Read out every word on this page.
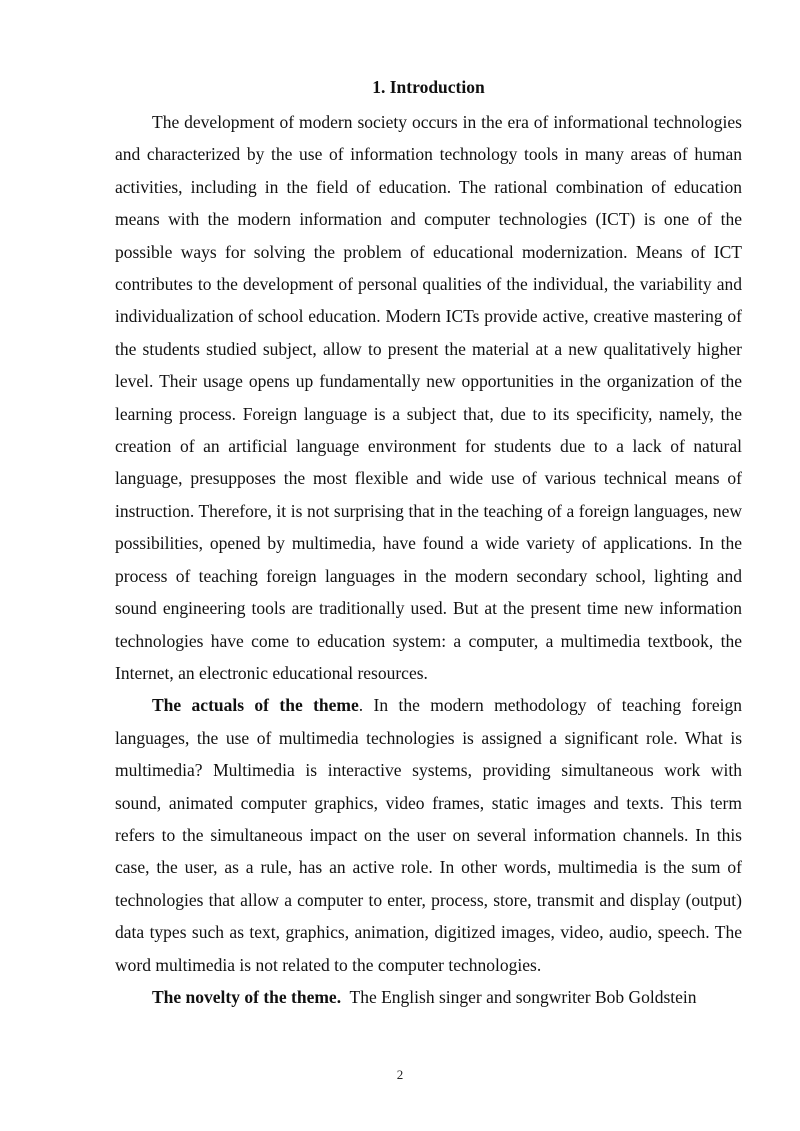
1. Introduction

The development of modern society occurs in the era of informational technologies and characterized by the use of information technology tools in many areas of human activities, including in the field of education. The rational combination of education means with the modern information and computer technologies (ICT) is one of the possible ways for solving the problem of educational modernization. Means of ICT contributes to the development of personal qualities of the individual, the variability and individualization of school education. Modern ICTs provide active, creative mastering of the students studied subject, allow to present the material at a new qualitatively higher level. Their usage opens up fundamentally new opportunities in the organization of the learning process. Foreign language is a subject that, due to its specificity, namely, the creation of an artificial language environment for students due to a lack of natural language, presupposes the most flexible and wide use of various technical means of instruction. Therefore, it is not surprising that in the teaching of a foreign languages, new possibilities, opened by multimedia, have found a wide variety of applications. In the process of teaching foreign languages in the modern secondary school, lighting and sound engineering tools are traditionally used. But at the present time new information technologies have come to education system: a computer, a multimedia textbook, the Internet, an electronic educational resources.

The actuals of the theme. In the modern methodology of teaching foreign languages, the use of multimedia technologies is assigned a significant role. What is multimedia? Multimedia is interactive systems, providing simultaneous work with sound, animated computer graphics, video frames, static images and texts. This term refers to the simultaneous impact on the user on several information channels. In this case, the user, as a rule, has an active role. In other words, multimedia is the sum of technologies that allow a computer to enter, process, store, transmit and display (output) data types such as text, graphics, animation, digitized images, video, audio, speech. The word multimedia is not related to the computer technologies.

The novelty of the theme.  The English singer and songwriter Bob Goldstein

2
